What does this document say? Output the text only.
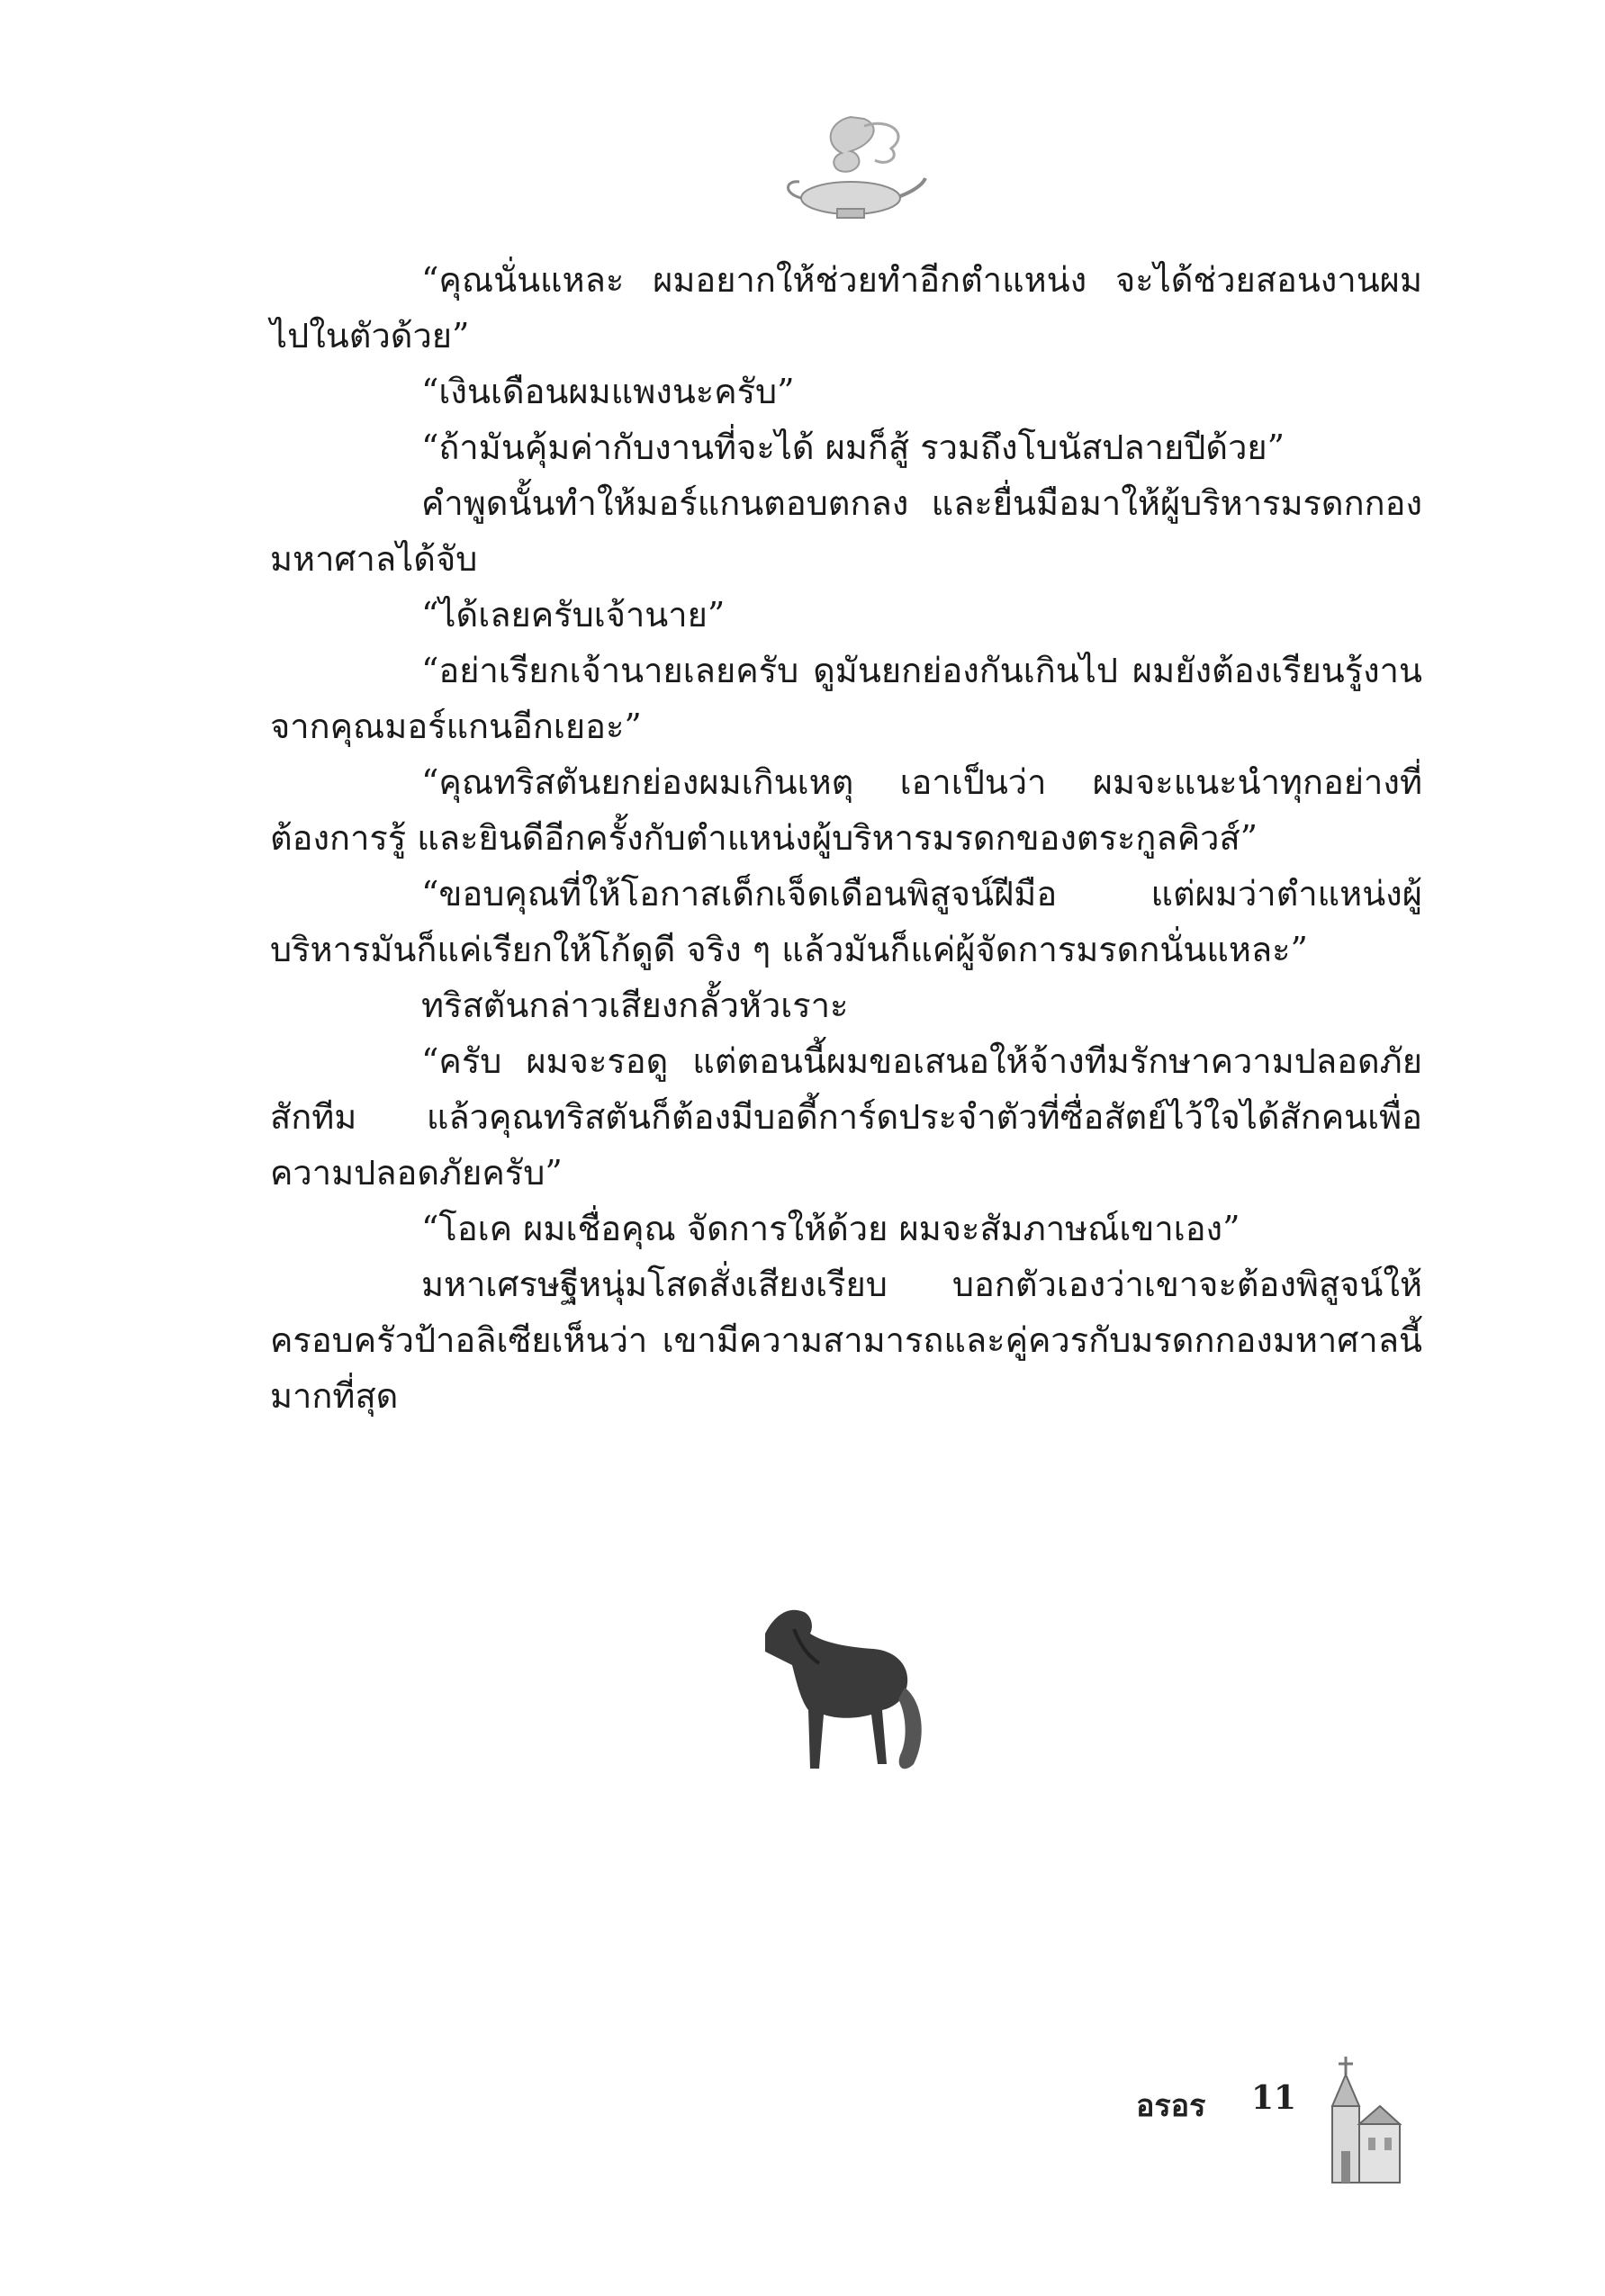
“คุณนั่นแหละ ผมอยากให้ช่วยทำอีกตำแหน่ง จะได้ช่วยสอนงานผมไปในตัวด้วย”

“เงินเดือนผมแพงนะครับ”

“ถ้ามันคุ้มค่ากับงานที่จะได้ ผมก็สู้ รวมถึงโบนัสปลายปีด้วย”

คำพูดนั้นทำให้มอร์แกนตอบตกลง และยื่นมือมาให้ผู้บริหารมรดกกองมหาศาลได้จับ

“ได้เลยครับเจ้านาย”

“อย่าเรียกเจ้านายเลยครับ ดูมันยกย่องกันเกินไป ผมยังต้องเรียนรู้งานจากคุณมอร์แกนอีกเยอะ”

“คุณทริสตันยกย่องผมเกินเหตุ เอาเป็นว่า ผมจะแนะนำทุกอย่างที่ต้องการรู้ และยินดีอีกครั้งกับตำแหน่งผู้บริหารมรดกของตระกูลคิวส์”

“ขอบคุณที่ให้โอกาสเด็กเจ็ดเดือนพิสูจน์ฝีมือ แต่ผมว่าตำแหน่งผู้บริหารมันก็แค่เรียกให้โก้ดูดี จริง ๆ แล้วมันก็แค่ผู้จัดการมรดกนั่นแหละ”

ทริสตันกล่าวเสียงกลั้วหัวเราะ

“ครับ ผมจะรอดู แต่ตอนนี้ผมขอเสนอให้จ้างทีมรักษาความปลอดภัยสักทีม แล้วคุณทริสตันก็ต้องมีบอดี้การ์ดประจำตัวที่ซื่อสัตย์ไว้ใจได้สักคนเพื่อความปลอดภัยครับ”

“โอเค ผมเชื่อคุณ จัดการให้ด้วย ผมจะสัมภาษณ์เขาเอง”

มหาเศรษฐีหนุ่มโสดสั่งเสียงเรียบ บอกตัวเองว่าเขาจะต้องพิสูจน์ให้ครอบครัวป้าอลิเซียเห็นว่า เขามีความสามารถและคู่ควรกับมรดกกองมหาศาลนี้มากที่สุด

อรอร 11
